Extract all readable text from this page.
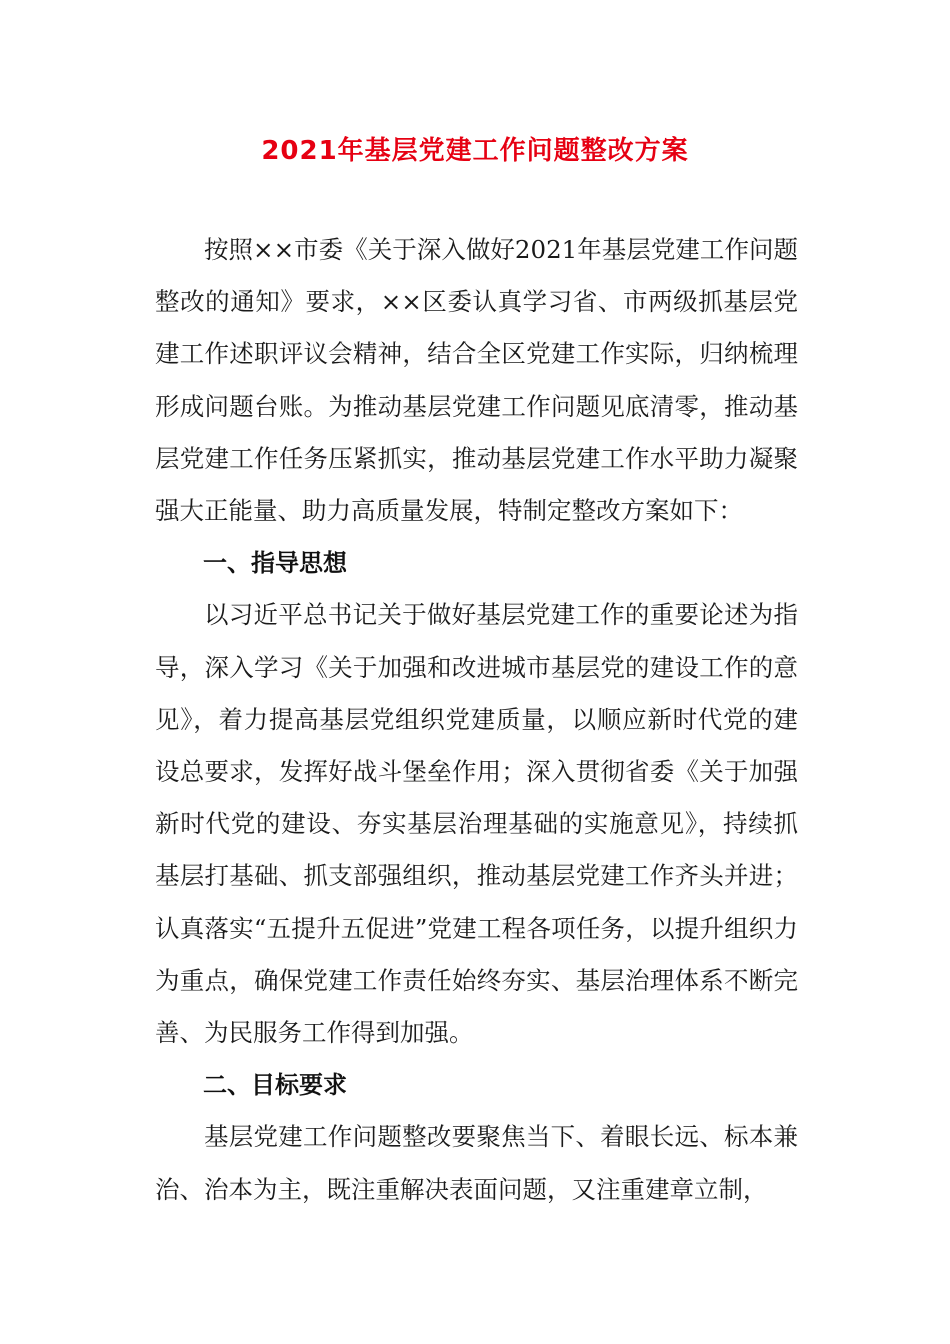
2021年基层党建工作问题整改方案

按照××市委《关于深入做好2021年基层党建工作问题整改的通知》要求，××区委认真学习省、市两级抓基层党建工作述职评议会精神，结合全区党建工作实际，归纳梳理形成问题台账。为推动基层党建工作问题见底清零，推动基层党建工作任务压紧抓实，推动基层党建工作水平助力凝聚强大正能量、助力高质量发展，特制定整改方案如下：

一、指导思想

以习近平总书记关于做好基层党建工作的重要论述为指导，深入学习《关于加强和改进城市基层党的建设工作的意见》，着力提高基层党组织党建质量，以顺应新时代党的建设总要求，发挥好战斗堡垒作用；深入贯彻省委《关于加强新时代党的建设、夯实基层治理基础的实施意见》，持续抓基层打基础、抓支部强组织，推动基层党建工作齐头并进；认真落实“五提升五促进”党建工程各项任务，以提升组织力为重点，确保党建工作责任始终夯实、基层治理体系不断完善、为民服务工作得到加强。

二、目标要求

基层党建工作问题整改要聚焦当下、着眼长远、标本兼治、治本为主，既注重解决表面问题，又注重建章立制，
